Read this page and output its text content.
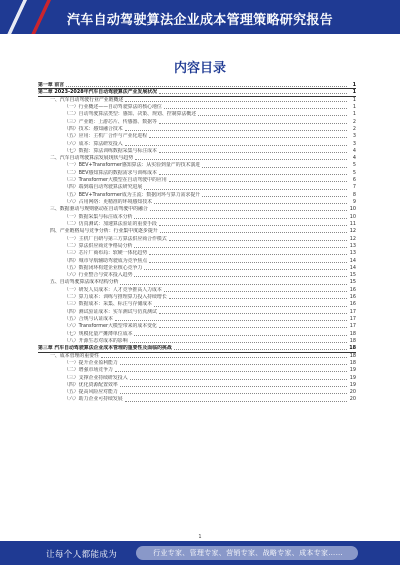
汽车自动驾驶算法企业成本管理策略研究报告
内容目录
第一章 前言	1
第二章 2023-2028年汽车自动驾驶算法产业发展状况	1
一、汽车自动驾驶行业产业链概述	1
（一）行业概述——自动驾驶算法的核心地位	1
（二）自动驾驶算法类型：感知、决策、规划、控制算法概述	1
（三）产业链：上游芯片、传感器、数据等	2
（四）技术：感知融合技术	2
（五）应用：主机厂合作与产业化进程	3
（六）成本：算法研发投入	3
（七）数据：算法训练数据采集与标注成本	4
二、汽车自动驾驶算法发展现状与趋势	4
（一）BEV+Transformer感知算法：从实验到量产的技术演进	5
（二）BEV感知算法的数据需求与训练成本	5
（三）Transformer大模型在自动驾驶中的应用	6
（四）端到端自动驾驶算法研究进展	7
（五）BEV+Transformer成为主流：数据闭环与算力需求提升	8
（六）占用网络：更精准的环境感知技术	9
三、数据驱动与规则驱动在自动驾驶中的融合	10
（一）数据采集与标注成本分析	10
（二）仿真测试：加速算法验证的重要手段	11
四、产业链格局与竞争分析：行业集中度逐步提升	12
（一）主机厂自研与第三方算法供应商合作模式	12
（二）算法供应商竞争格局分析	13
（三）芯片厂商布局：软硬一体化趋势	13
（四）城市导航辅助驾驶成为竞争焦点	14
（五）数据闭环构建企业核心竞争力	14
（六）行业整合与资本投入趋势	15
五、自动驾驶算法成本结构分析	15
（一）研发人员成本：人才竞争推高人力成本	16
（二）算力成本：训练与推理算力投入持续增长	16
（三）数据成本：采集、标注与存储成本	16
（四）测试验证成本：实车测试与仿真测试	17
（五）合规与认证成本	17
（六）Transformer大模型带来的成本变化	17
（七）规模化量产摊薄单位成本	18
（八）开源生态对成本的影响	18
第三章 汽车自动驾驶算法企业成本管理的重要性及面临的挑战	18
一、成本管理的重要性	18
（一）提升企业盈利能力	18
（二）增强市场竞争力	19
（三）支撑企业持续研发投入	19
（四）优化资源配置效率	19
（五）提高风险应对能力	20
（六）助力企业可持续发展	20
1
让每个人都能成为	行业专家、管理专家、营销专家、战略专家、成本专家……
